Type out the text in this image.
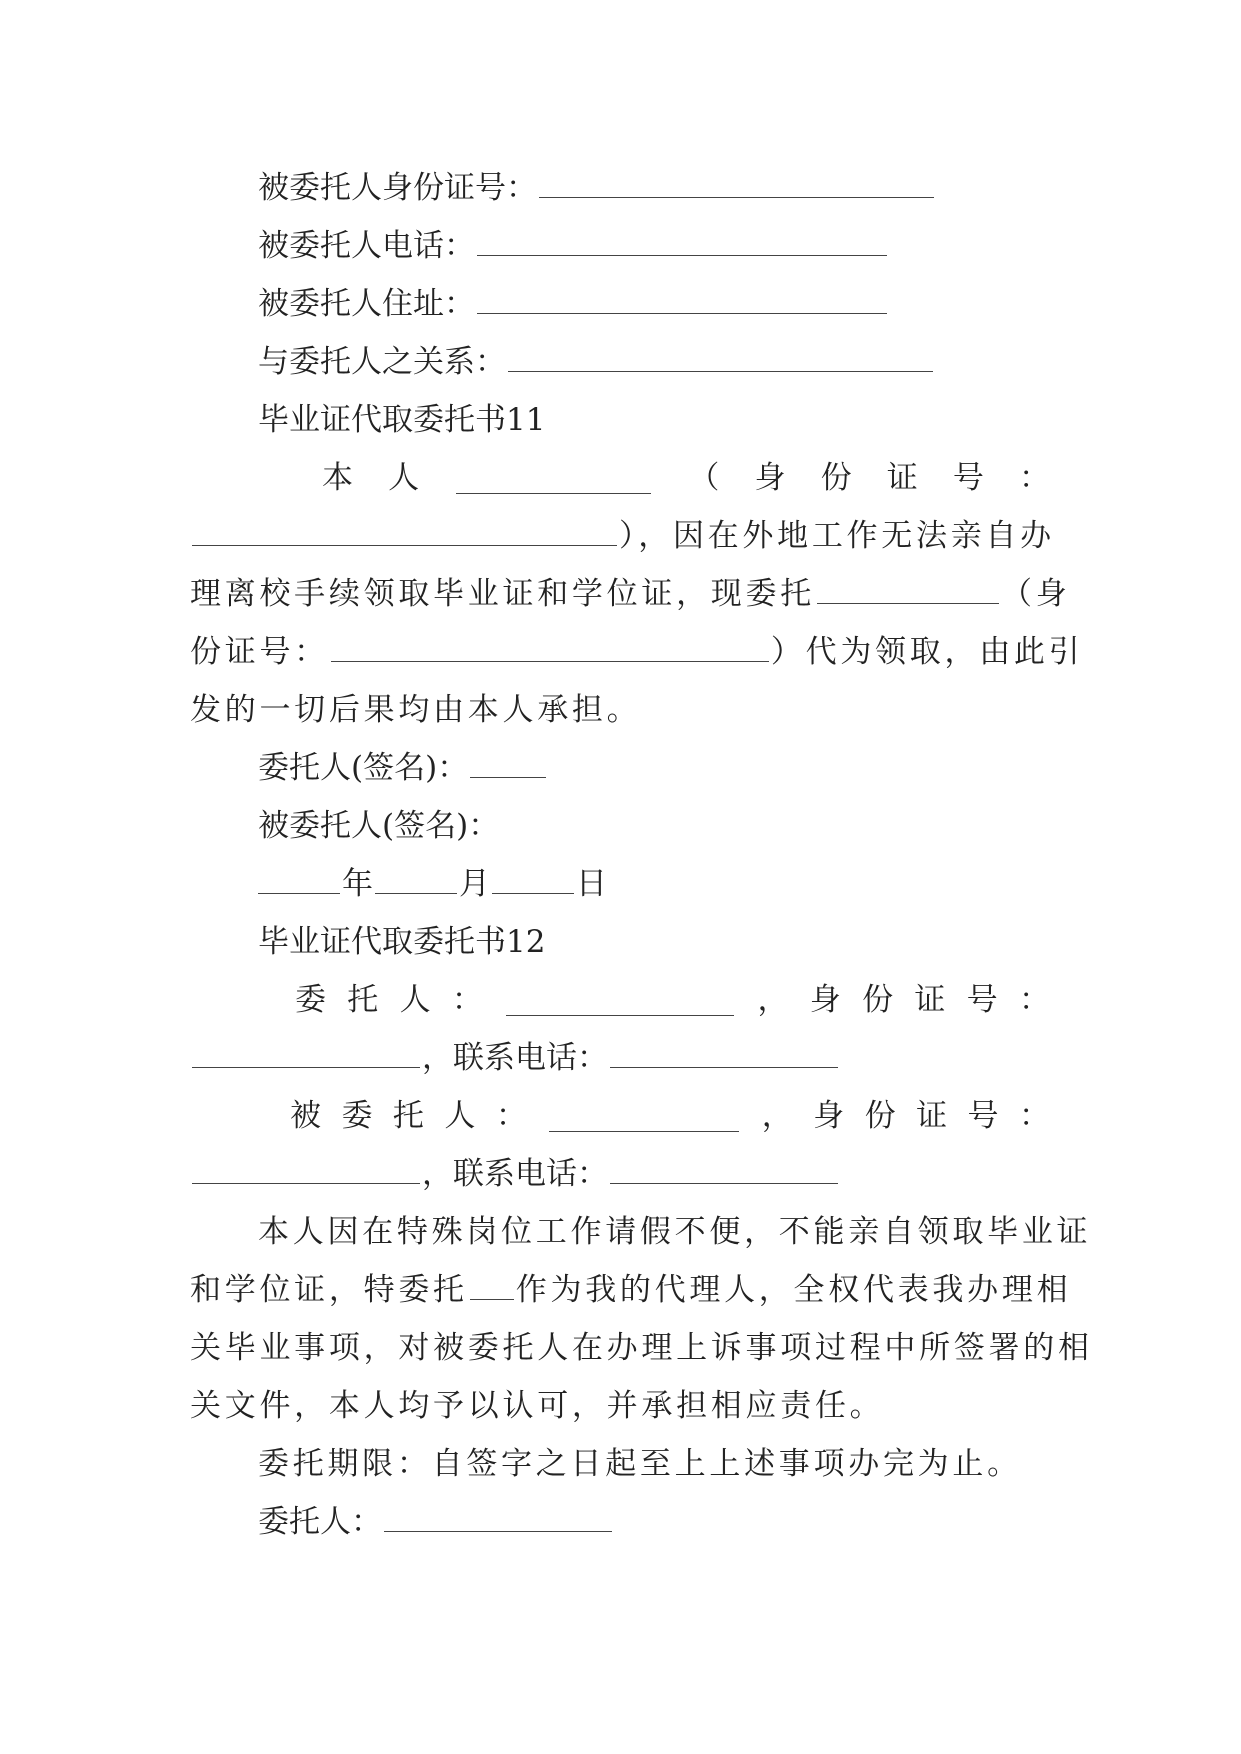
被委托人身份证号：
被委托人电话：
被委托人住址：
与委托人之关系：
毕业证代取委托书11
本 人	（ 身 份 证 号 ：
），因在外地工作无法亲自办
理离校手续领取毕业证和学位证，现委托	（身
份证号：	）代为领取，由此引
发的一切后果均由本人承担。
委托人(签名)：
被委托人(签名)：
年	月	日
毕业证代取委托书12
委 托 人 ：	， 身 份 证 号 ：
，联系电话：
被 委 托 人 ：	， 身 份 证 号 ：
，联系电话：
本人因在特殊岗位工作请假不便，不能亲自领取毕业证
和学位证，特委托 作为我的代理人，全权代表我办理相
关毕业事项，对被委托人在办理上诉事项过程中所签署的相
关文件，本人均予以认可，并承担相应责任。
委托期限：自签字之日起至上上述事项办完为止。
委托人：
